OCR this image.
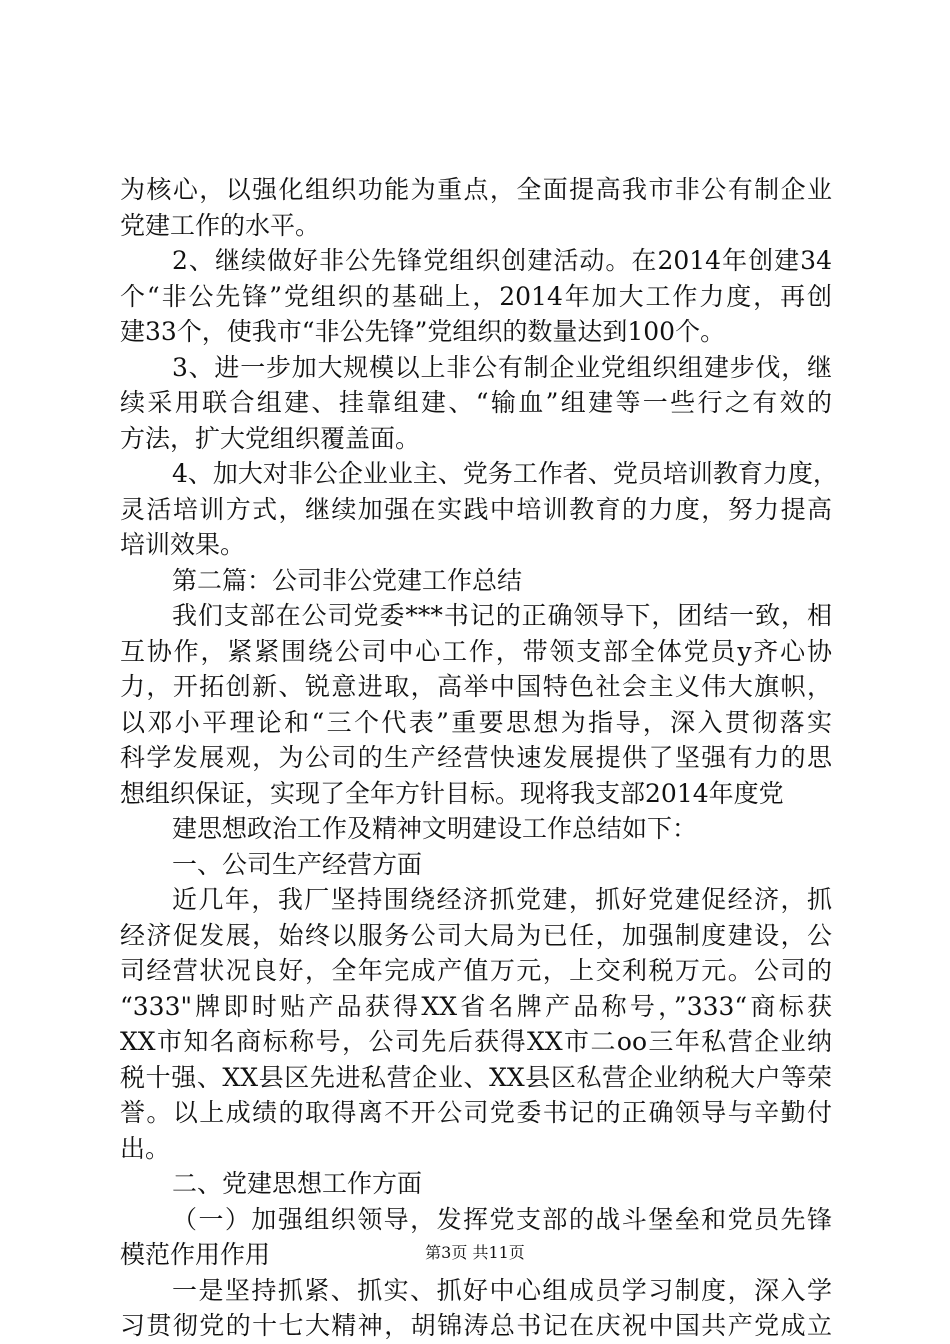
为核心，以强化组织功能为重点，全面提高我市非公有制企业
党建工作的水平。
2、继续做好非公先锋党组织创建活动。在2014年创建34
个“非公先锋”党组织的基础上，2014年加大工作力度，再创
建33个，使我市“非公先锋”党组织的数量达到100个。
3、进一步加大规模以上非公有制企业党组织组建步伐，继
续采用联合组建、挂靠组建、“输血”组建等一些行之有效的
方法，扩大党组织覆盖面。
4、加大对非公企业业主、党务工作者、党员培训教育力度，
灵活培训方式，继续加强在实践中培训教育的力度，努力提高
培训效果。
第二篇：公司非公党建工作总结
我们支部在公司党委***书记的正确领导下，团结一致，相
互协作，紧紧围绕公司中心工作，带领支部全体党员y齐心协
力，开拓创新、锐意进取，高举中国特色社会主义伟大旗帜，
以邓小平理论和“三个代表”重要思想为指导，深入贯彻落实
科学发展观，为公司的生产经营快速发展提供了坚强有力的思
想组织保证，实现了全年方针目标。现将我支部2014年度党
建思想政治工作及精神文明建设工作总结如下：
一、公司生产经营方面
近几年，我厂坚持围绕经济抓党建，抓好党建促经济，抓
经济促发展，始终以服务公司大局为已任，加强制度建设，公
司经营状况良好，全年完成产值万元，上交利税万元。公司的
“333"牌即时贴产品获得XX省名牌产品称号，”333“商标获
XX市知名商标称号，公司先后获得XX市二oo三年私营企业纳
税十强、XX县区先进私营企业、XX县区私营企业纳税大户等荣
誉。以上成绩的取得离不开公司党委书记的正确领导与辛勤付
出。
二、党建思想工作方面
（一）加强组织领导，发挥党支部的战斗堡垒和党员先锋
模范作用作用
一是坚持抓紧、抓实、抓好中心组成员学习制度，深入学
习贯彻党的十七大精神，胡锦涛总书记在庆祝中国共产党成立
第3页 共11页
